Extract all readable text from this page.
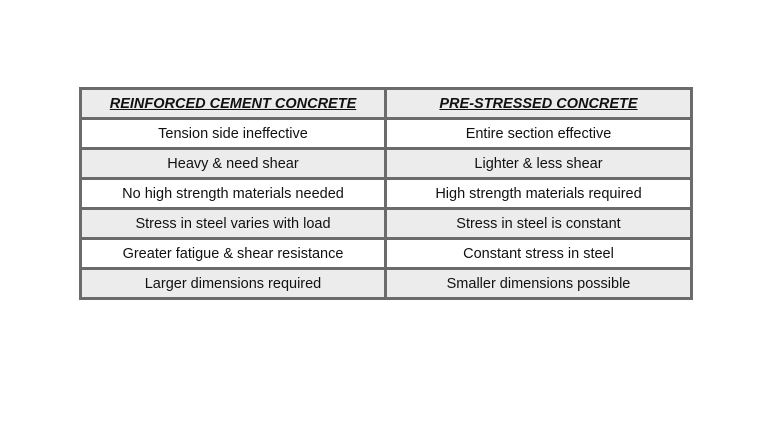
REINFORCED CEMENT CONCRETE	PRE-STRESSED CONCRETE
Tension side ineffective	Entire section effective
Heavy & need shear	Lighter & less shear
No high strength materials needed	High strength materials required
Stress in steel varies with load	Stress in steel is constant
Greater fatigue & shear resistance	Constant stress in steel
Larger dimensions required	Smaller dimensions possible
